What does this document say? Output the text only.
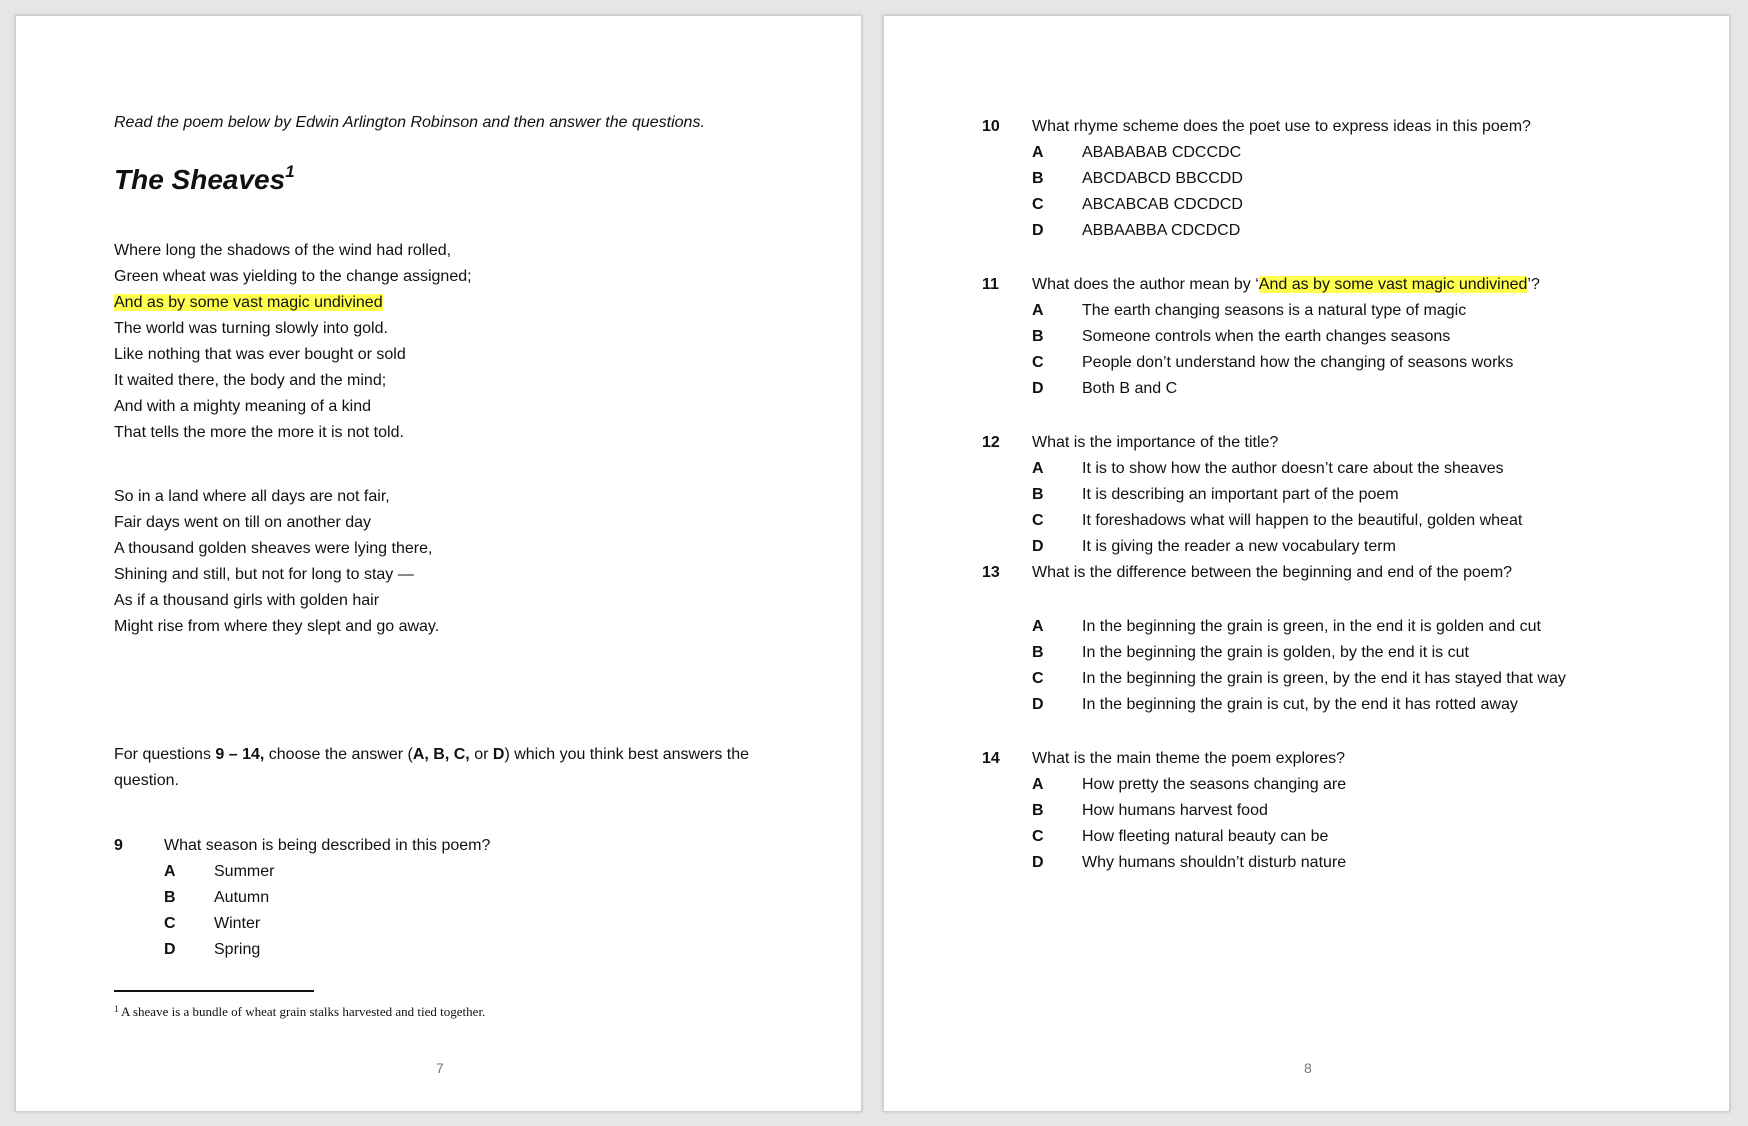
Read the poem below by Edwin Arlington Robinson and then answer the questions.
The Sheaves$^1$
Where long the shadows of the wind had rolled,
Green wheat was yielding to the change assigned;
And as by some vast magic undivined
The world was turning slowly into gold.
Like nothing that was ever bought or sold
It waited there, the body and the mind;
And with a mighty meaning of a kind
That tells the more the more it is not told.
So in a land where all days are not fair,
Fair days went on till on another day
A thousand golden sheaves were lying there,
Shining and still, but not for long to stay —
As if a thousand girls with golden hair
Might rise from where they slept and go away.
For questions 9 – 14, choose the answer (A, B, C, or D) which you think best answers the question.
9	What season is being described in this poem?
A Summer
B Autumn
C Winter
D Spring
$^1$ A sheave is a bundle of wheat grain stalks harvested and tied together.
7
10 What rhyme scheme does the poet use to express ideas in this poem?
A ABABABAB CDCCDC
B ABCDABCD BBCCDD
C ABCABCAB CDCDCD
D ABBAABBA CDCDCD
11 What does the author mean by ‘And as by some vast magic undivined’?
A The earth changing seasons is a natural type of magic
B Someone controls when the earth changes seasons
C People don’t understand how the changing of seasons works
D Both B and C
12 What is the importance of the title?
A It is to show how the author doesn’t care about the sheaves
B It is describing an important part of the poem
C It foreshadows what will happen to the beautiful, golden wheat
D It is giving the reader a new vocabulary term
13 What is the difference between the beginning and end of the poem?
A In the beginning the grain is green, in the end it is golden and cut
B In the beginning the grain is golden, by the end it is cut
C In the beginning the grain is green, by the end it has stayed that way
D In the beginning the grain is cut, by the end it has rotted away
14 What is the main theme the poem explores?
A How pretty the seasons changing are
B How humans harvest food
C How fleeting natural beauty can be
D Why humans shouldn’t disturb nature
8
